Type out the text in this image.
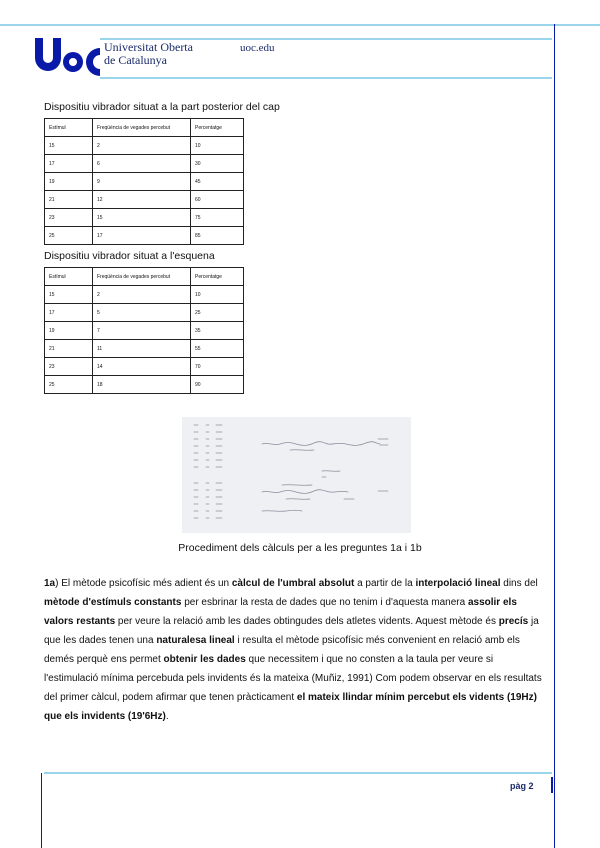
Universitat Oberta
de Catalunya
uoc.edu
Dispositiu vibrador situat a la part posterior del cap
Estímul	Freqüència de vegades percebut	Percentatge
15	2	10
17	6	30
19	9	45
21	12	60
23	15	75
25	17	85
Dispositiu vibrador situat a l'esquena
Estímul	Freqüència de vegades percebut	Percentatge
15	2	10
17	5	25
19	7	35
21	11	55
23	14	70
25	18	90
Procediment dels càlculs per a les preguntes 1a i 1b
1a) El mètode psicofísic més adient és un càlcul de l'umbral absolut a partir de la interpolació lineal dins del mètode d'estímuls constants per esbrinar la resta de dades que no tenim i d'aquesta manera assolir els valors restants per veure la relació amb les dades obtingudes dels atletes vidents. Aquest mètode és precís ja que les dades tenen una naturalesa lineal i resulta el mètode psicofísic més convenient en relació amb els demés perquè ens permet obtenir les dades que necessitem i que no consten a la taula per veure si l'estimulació mínima percebuda pels invidents és la mateixa (Muñiz, 1991) Com podem observar en els resultats del primer càlcul, podem afirmar que tenen pràcticament el mateix llindar mínim percebut els vidents (19Hz) que els invidents (19'6Hz).
pàg 2
